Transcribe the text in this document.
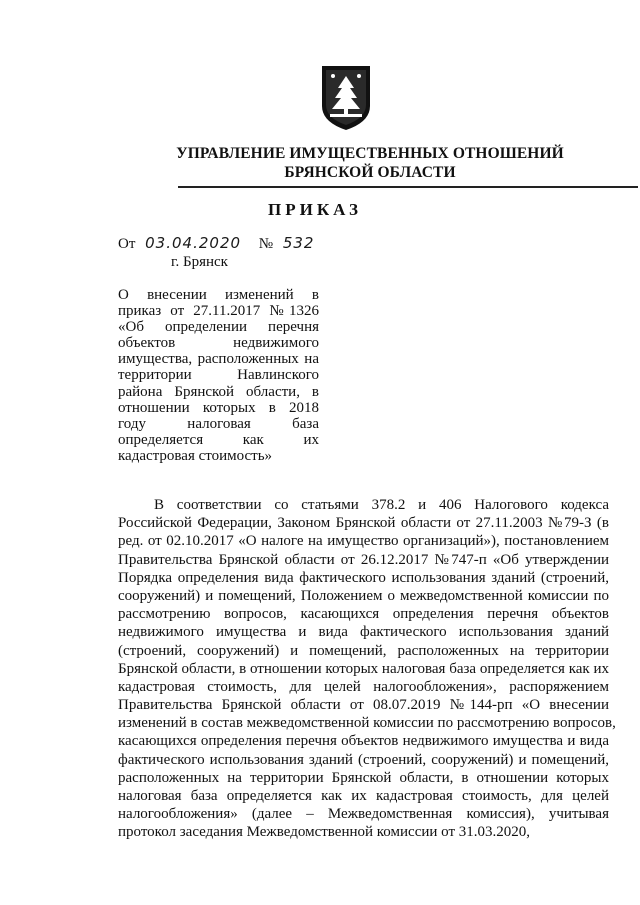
УПРАВЛЕНИЕ ИМУЩЕСТВЕННЫХ ОТНОШЕНИЙ
БРЯНСКОЙ ОБЛАСТИ
ПРИКАЗ
От 03.04.2020 № 532
г. Брянск
О внесении изменений в
приказ от 27.11.2017 №1326
«Об определении перечня
объектов недвижимого
имущества, расположенных на
территории Навлинского
района Брянской области, в
отношении которых в 2018
году налоговая база
определяется как их
кадастровая стоимость»
В соответствии со статьями 378.2 и 406 Налогового кодекса
Российской Федерации, Законом Брянской области от 27.11.2003 №79-З (в
ред. от 02.10.2017 «О налоге на имущество организаций»), постановлением
Правительства Брянской области от 26.12.2017 №747-п «Об утверждении
Порядка определения вида фактического использования зданий (строений,
сооружений) и помещений, Положением о межведомственной комиссии по
рассмотрению вопросов, касающихся определения перечня объектов
недвижимого имущества и вида фактического использования зданий
(строений, сооружений) и помещений, расположенных на территории
Брянской области, в отношении которых налоговая база определяется как их
кадастровая стоимость, для целей налогообложения», распоряжением
Правительства Брянской области от 08.07.2019 №144-рп «О внесении
изменений в состав межведомственной комиссии по рассмотрению вопросов,
касающихся определения перечня объектов недвижимого имущества и вида
фактического использования зданий (строений, сооружений) и помещений,
расположенных на территории Брянской области, в отношении которых
налоговая база определяется как их кадастровая стоимость, для целей
налогообложения» (далее – Межведомственная комиссия), учитывая
протокол заседания Межведомственной комиссии от 31.03.2020,
